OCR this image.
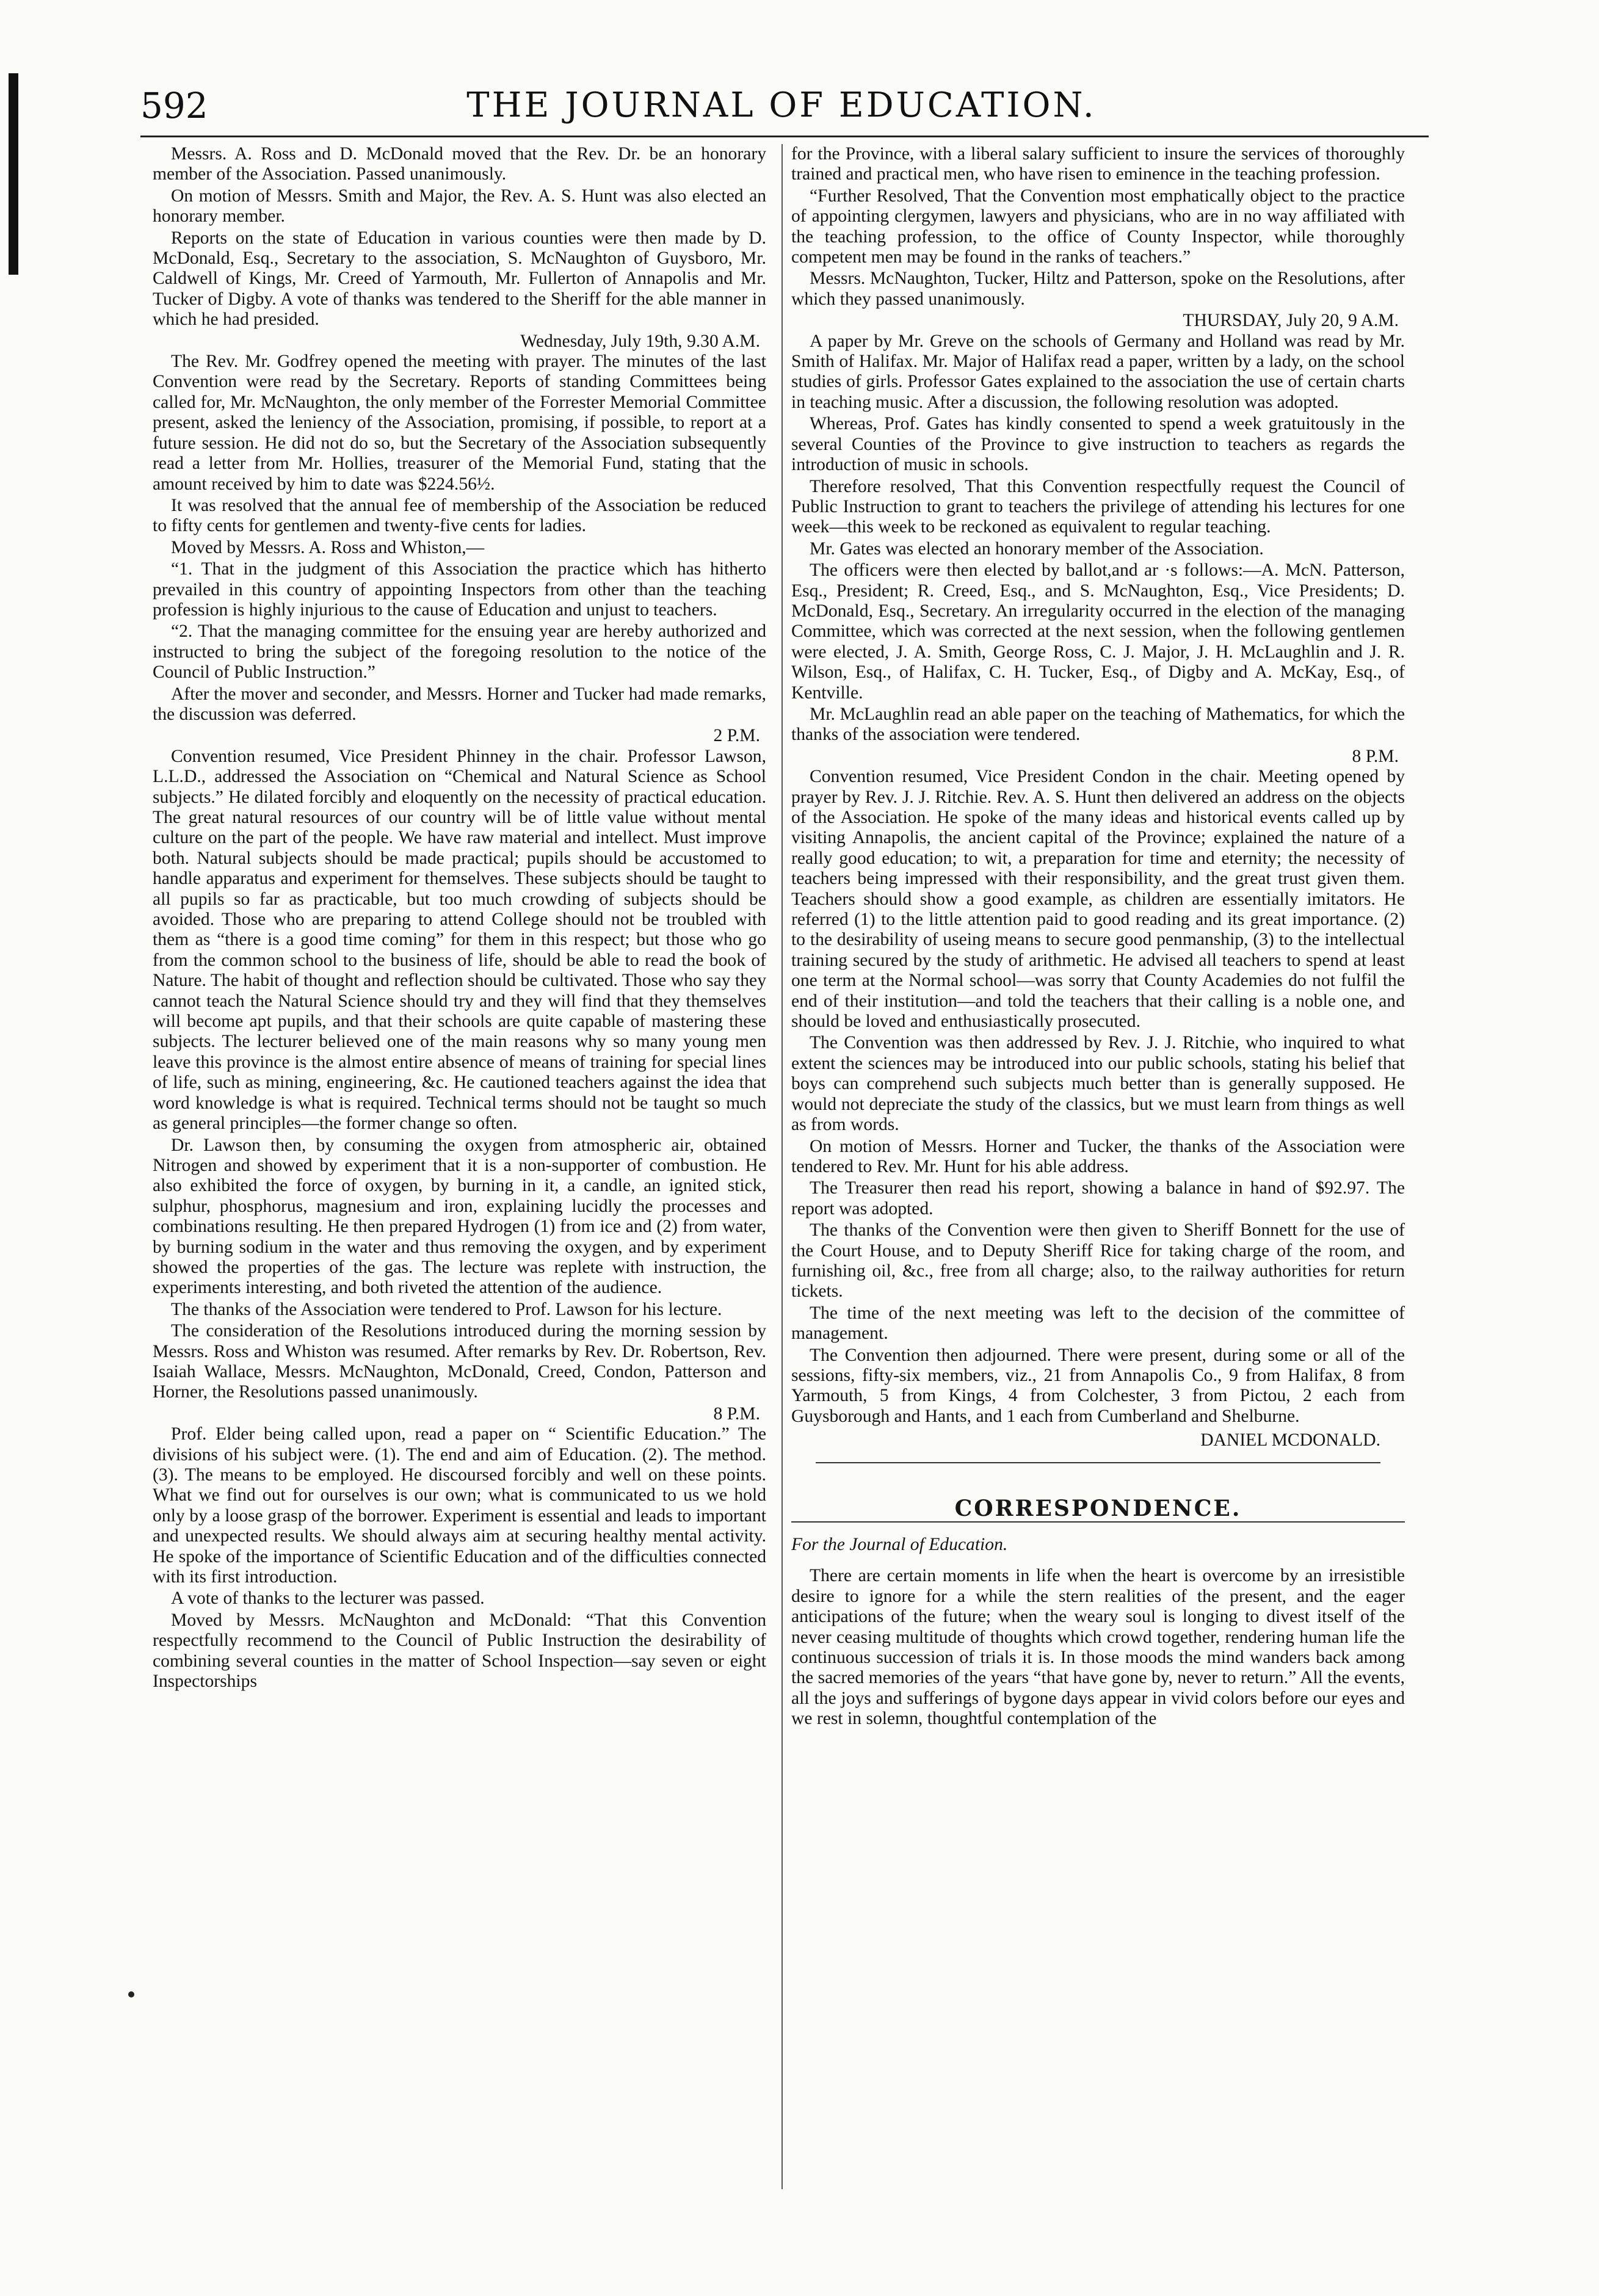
592	THE JOURNAL OF EDUCATION.

Messrs. A. Ross and D. McDonald moved that the Rev. Dr. be an honorary member of the Association. Passed unanimously.

On motion of Messrs. Smith and Major, the Rev. A. S. Hunt was also elected an honorary member.

Reports on the state of Education in various counties were then made by D. McDonald, Esq., Secretary to the association, S. McNaughton of Guysboro, Mr. Caldwell of Kings, Mr. Creed of Yarmouth, Mr. Fullerton of Annapolis and Mr. Tucker of Digby. A vote of thanks was tendered to the Sheriff for the able manner in which he had presided.

Wednesday, July 19th, 9.30 A.M.

The Rev. Mr. Godfrey opened the meeting with prayer. The minutes of the last Convention were read by the Secretary. Reports of standing Committees being called for, Mr. McNaughton, the only member of the Forrester Memorial Committee present, asked the leniency of the Association, promising, if possible, to report at a future session. He did not do so, but the Secretary of the Association subsequently read a letter from Mr. Hollies, treasurer of the Memorial Fund, stating that the amount received by him to date was $224.56½.

It was resolved that the annual fee of membership of the Association be reduced to fifty cents for gentlemen and twenty-five cents for ladies.

Moved by Messrs. A. Ross and Whiston,—

“1. That in the judgment of this Association the practice which has hitherto prevailed in this country of appointing Inspectors from other than the teaching profession is highly injurious to the cause of Education and unjust to teachers.

“2. That the managing committee for the ensuing year are hereby authorized and instructed to bring the subject of the foregoing resolution to the notice of the Council of Public Instruction.”

After the mover and seconder, and Messrs. Horner and Tucker had made remarks, the discussion was deferred.

2 P.M.

Convention resumed, Vice President Phinney in the chair. Professor Lawson, L.L.D., addressed the Association on “Chemical and Natural Science as School subjects.” He dilated forcibly and eloquently on the necessity of practical education. The great natural resources of our country will be of little value without mental culture on the part of the people. We have raw material and intellect. Must improve both. Natural subjects should be made practical; pupils should be accustomed to handle apparatus and experiment for themselves. These subjects should be taught to all pupils so far as practicable, but too much crowding of subjects should be avoided. Those who are preparing to attend College should not be troubled with them as “there is a good time coming” for them in this respect; but those who go from the common school to the business of life, should be able to read the book of Nature. The habit of thought and reflection should be cultivated. Those who say they cannot teach the Natural Science should try and they will find that they themselves will become apt pupils, and that their schools are quite capable of mastering these subjects. The lecturer believed one of the main reasons why so many young men leave this province is the almost entire absence of means of training for special lines of life, such as mining, engineering, &c. He cautioned teachers against the idea that word knowledge is what is required. Technical terms should not be taught so much as general principles—the former change so often.

Dr. Lawson then, by consuming the oxygen from atmospheric air, obtained Nitrogen and showed by experiment that it is a non-supporter of combustion. He also exhibited the force of oxygen, by burning in it, a candle, an ignited stick, sulphur, phosphorus, magnesium and iron, explaining lucidly the processes and combinations resulting. He then prepared Hydrogen (1) from ice and (2) from water, by burning sodium in the water and thus removing the oxygen, and by experiment showed the properties of the gas. The lecture was replete with instruction, the experiments interesting, and both riveted the attention of the audience.

The thanks of the Association were tendered to Prof. Lawson for his lecture.

The consideration of the Resolutions introduced during the morning session by Messrs. Ross and Whiston was resumed. After remarks by Rev. Dr. Robertson, Rev. Isaiah Wallace, Messrs. McNaughton, McDonald, Creed, Condon, Patterson and Horner, the Resolutions passed unanimously.

8 P.M.

Prof. Elder being called upon, read a paper on “ Scientific Education.” The divisions of his subject were. (1). The end and aim of Education. (2). The method. (3). The means to be employed. He discoursed forcibly and well on these points. What we find out for ourselves is our own; what is communicated to us we hold only by a loose grasp of the borrower. Experiment is essential and leads to important and unexpected results. We should always aim at securing healthy mental activity. He spoke of the importance of Scientific Education and of the difficulties connected with its first introduction.

A vote of thanks to the lecturer was passed.

Moved by Messrs. McNaughton and McDonald: “That this Convention respectfully recommend to the Council of Public Instruction the desirability of combining several counties in the matter of School Inspection—say seven or eight Inspectorships

for the Province, with a liberal salary sufficient to insure the services of thoroughly trained and practical men, who have risen to eminence in the teaching profession.

“Further Resolved, That the Convention most emphatically object to the practice of appointing clergymen, lawyers and physicians, who are in no way affiliated with the teaching profession, to the office of County Inspector, while thoroughly competent men may be found in the ranks of teachers.”

Messrs. McNaughton, Tucker, Hiltz and Patterson, spoke on the Resolutions, after which they passed unanimously.

THURSDAY, July 20, 9 A.M.

A paper by Mr. Greve on the schools of Germany and Holland was read by Mr. Smith of Halifax. Mr. Major of Halifax read a paper, written by a lady, on the school studies of girls. Professor Gates explained to the association the use of certain charts in teaching music. After a discussion, the following resolution was adopted.

Whereas, Prof. Gates has kindly consented to spend a week gratuitously in the several Counties of the Province to give instruction to teachers as regards the introduction of music in schools.

Therefore resolved, That this Convention respectfully request the Council of Public Instruction to grant to teachers the privilege of attending his lectures for one week—this week to be reckoned as equivalent to regular teaching.

Mr. Gates was elected an honorary member of the Association.

The officers were then elected by ballot,and ar ·s follows:—A. McN. Patterson, Esq., President; R. Creed, Esq., and S. McNaughton, Esq., Vice Presidents; D. McDonald, Esq., Secretary. An irregularity occurred in the election of the managing Committee, which was corrected at the next session, when the following gentlemen were elected, J. A. Smith, George Ross, C. J. Major, J. H. McLaughlin and J. R. Wilson, Esq., of Halifax, C. H. Tucker, Esq., of Digby and A. McKay, Esq., of Kentville.

Mr. McLaughlin read an able paper on the teaching of Mathematics, for which the thanks of the association were tendered.

8 P.M.

Convention resumed, Vice President Condon in the chair. Meeting opened by prayer by Rev. J. J. Ritchie. Rev. A. S. Hunt then delivered an address on the objects of the Association. He spoke of the many ideas and historical events called up by visiting Annapolis, the ancient capital of the Province; explained the nature of a really good education; to wit, a preparation for time and eternity; the necessity of teachers being impressed with their responsibility, and the great trust given them. Teachers should show a good example, as children are essentially imitators. He referred (1) to the little attention paid to good reading and its great importance. (2) to the desirability of useing means to secure good penmanship, (3) to the intellectual training secured by the study of arithmetic. He advised all teachers to spend at least one term at the Normal school—was sorry that County Academies do not fulfil the end of their institution—and told the teachers that their calling is a noble one, and should be loved and enthusiastically prosecuted.

The Convention was then addressed by Rev. J. J. Ritchie, who inquired to what extent the sciences may be introduced into our public schools, stating his belief that boys can comprehend such subjects much better than is generally supposed. He would not depreciate the study of the classics, but we must learn from things as well as from words.

On motion of Messrs. Horner and Tucker, the thanks of the Association were tendered to Rev. Mr. Hunt for his able address.

The Treasurer then read his report, showing a balance in hand of $92.97. The report was adopted.

The thanks of the Convention were then given to Sheriff Bonnett for the use of the Court House, and to Deputy Sheriff Rice for taking charge of the room, and furnishing oil, &c., free from all charge; also, to the railway authorities for return tickets.

The time of the next meeting was left to the decision of the committee of management.

The Convention then adjourned. There were present, during some or all of the sessions, fifty-six members, viz., 21 from Annapolis Co., 9 from Halifax, 8 from Yarmouth, 5 from Kings, 4 from Colchester, 3 from Pictou, 2 each from Guysborough and Hants, and 1 each from Cumberland and Shelburne.

DANIEL MCDONALD.

CORRESPONDENCE.

For the Journal of Education.

There are certain moments in life when the heart is overcome by an irresistible desire to ignore for a while the stern realities of the present, and the eager anticipations of the future; when the weary soul is longing to divest itself of the never ceasing multitude of thoughts which crowd together, rendering human life the continuous succession of trials it is. In those moods the mind wanders back among the sacred memories of the years “that have gone by, never to return.” All the events, all the joys and sufferings of bygone days appear in vivid colors before our eyes and we rest in solemn, thoughtful contemplation of the
